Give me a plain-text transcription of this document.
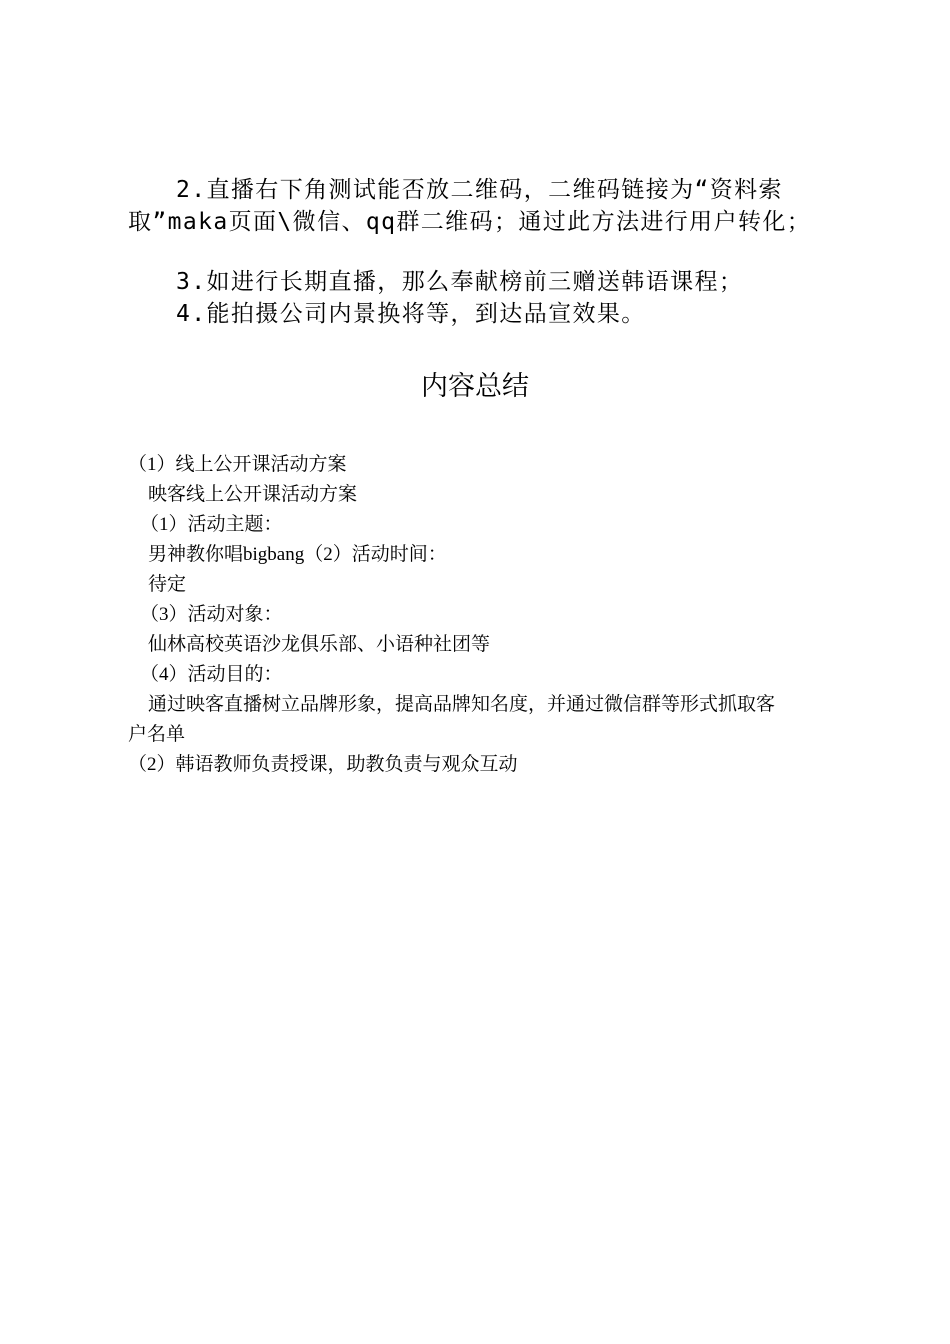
2.直播右下角测试能否放二维码，二维码链接为“资料索
取”maka页面\微信、qq群二维码；通过此方法进行用户转化；
3.如进行长期直播，那么奉献榜前三赠送韩语课程；
4.能拍摄公司内景换将等，到达品宣效果。
内容总结
（1）线上公开课活动方案
映客线上公开课活动方案
（1）活动主题：
男神教你唱bigbang（2）活动时间：
待定
（3）活动对象：
仙林高校英语沙龙俱乐部、小语种社团等
（4）活动目的：
通过映客直播树立品牌形象，提高品牌知名度，并通过微信群等形式抓取客
户名单
（2）韩语教师负责授课，助教负责与观众互动
